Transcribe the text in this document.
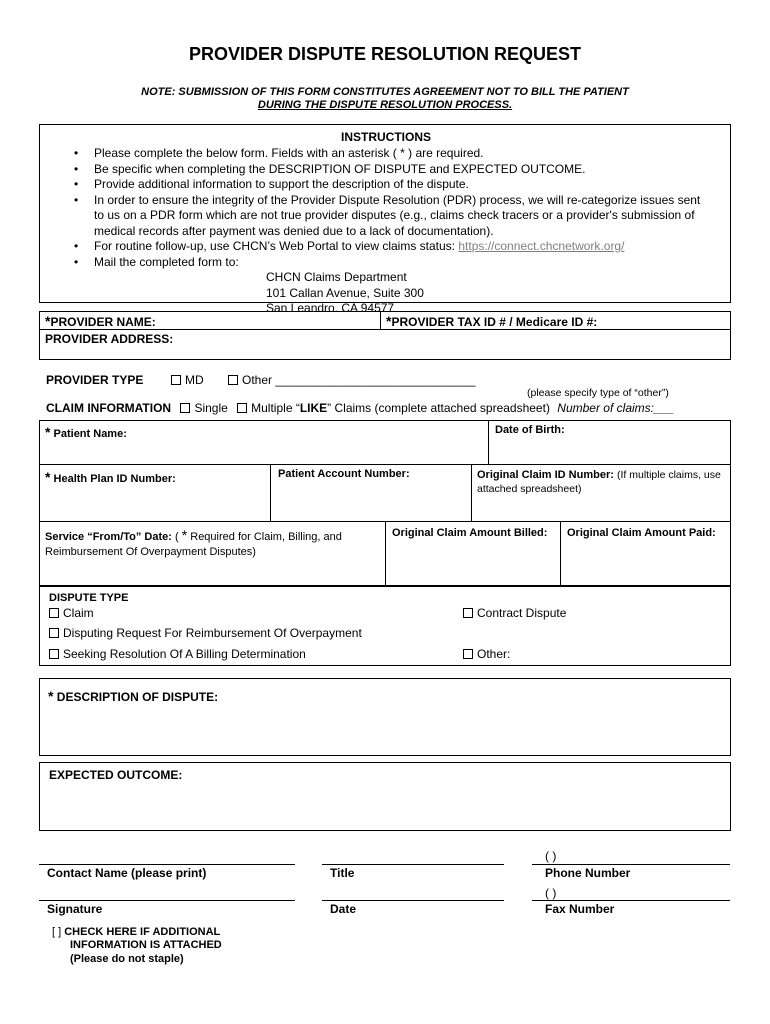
PROVIDER DISPUTE RESOLUTION REQUEST
NOTE: SUBMISSION OF THIS FORM CONSTITUTES AGREEMENT NOT TO BILL THE PATIENT
DURING THE DISPUTE RESOLUTION PROCESS.
INSTRUCTIONS
• Please complete the below form. Fields with an asterisk ( * ) are required.
• Be specific when completing the DESCRIPTION OF DISPUTE and EXPECTED OUTCOME.
• Provide additional information to support the description of the dispute.
• In order to ensure the integrity of the Provider Dispute Resolution (PDR) process, we will re-categorize issues sent to us on a PDR form which are not true provider disputes (e.g., claims check tracers or a provider's submission of medical records after payment was denied due to a lack of documentation).
• For routine follow-up, use CHCN’s Web Portal to view claims status: https://connect.chcnetwork.org/
• Mail the completed form to:
CHCN Claims Department
101 Callan Avenue, Suite 300
San Leandro. CA 94577
*PROVIDER NAME:	*PROVIDER TAX ID # / Medicare ID #:
PROVIDER ADDRESS:
PROVIDER TYPE	MD	Other ______________________________
(please specify type of “other”)
CLAIM INFORMATION Single Multiple “LIKE” Claims (complete attached spreadsheet) Number of claims:___
* Patient Name:	Date of Birth:
* Health Plan ID Number:	Patient Account Number:	Original Claim ID Number: (If multiple claims, use
attached spreadsheet)
Service “From/To” Date: ( * Required for Claim, Billing, and
Reimbursement Of Overpayment Disputes)
Original Claim Amount Billed: Original Claim Amount Paid:
DISPUTE TYPE
Claim	Contract Dispute
Disputing Request For Reimbursement Of Overpayment
Seeking Resolution Of A Billing Determination	Other:
* DESCRIPTION OF DISPUTE:
EXPECTED OUTCOME:
( )
Contact Name (please print)	Title	Phone Number
( )
Signature	Date	Fax Number
[ ] CHECK HERE IF ADDITIONAL
INFORMATION IS ATTACHED
(Please do not staple)
